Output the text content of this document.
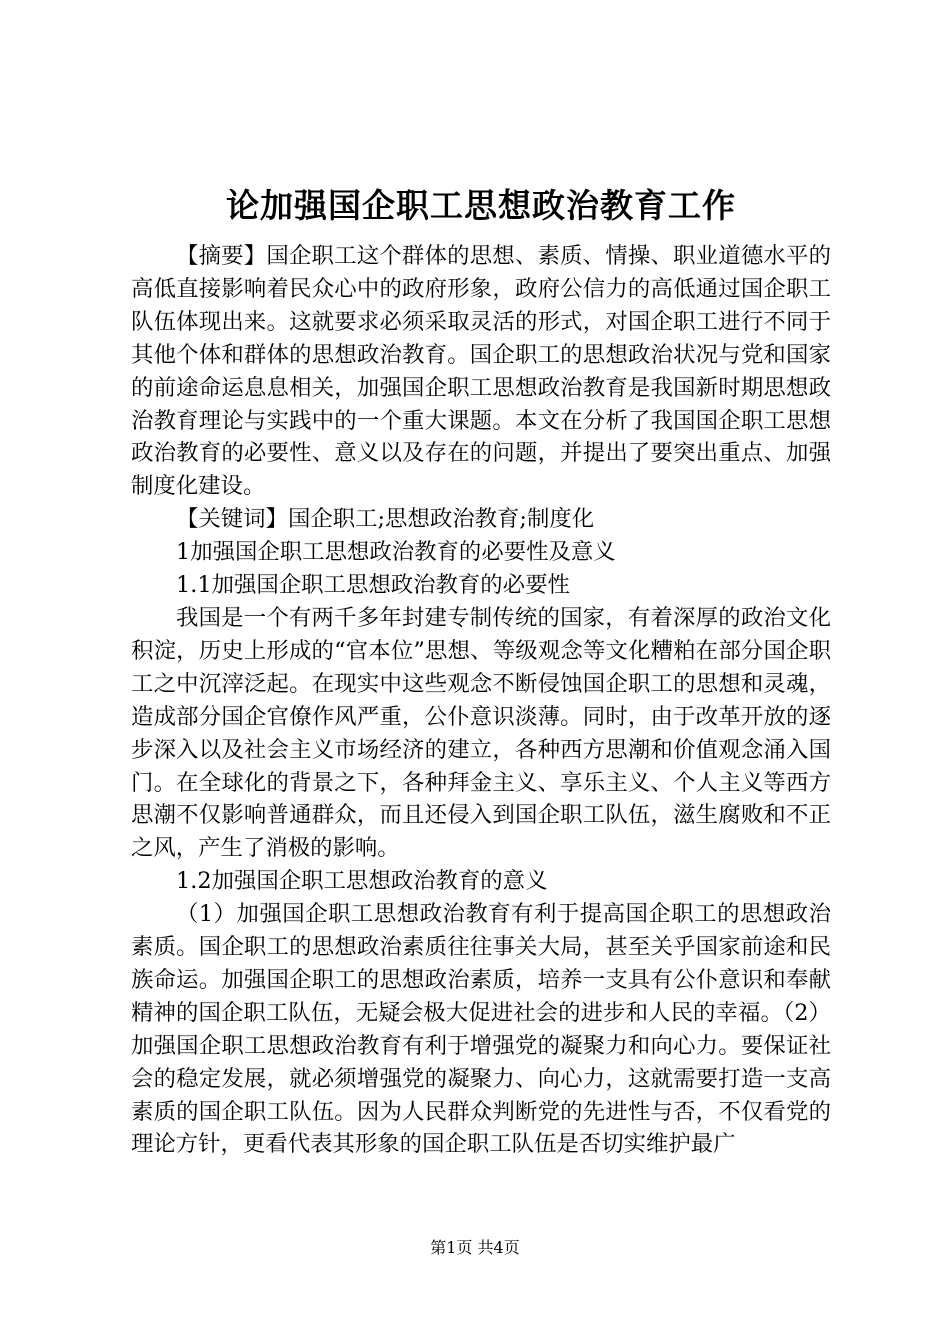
论加强国企职工思想政治教育工作

【摘要】国企职工这个群体的思想、素质、情操、职业道德水平的高低直接影响着民众心中的政府形象，政府公信力的高低通过国企职工队伍体现出来。这就要求必须采取灵活的形式，对国企职工进行不同于其他个体和群体的思想政治教育。国企职工的思想政治状况与党和国家的前途命运息息相关，加强国企职工思想政治教育是我国新时期思想政治教育理论与实践中的一个重大课题。本文在分析了我国国企职工思想政治教育的必要性、意义以及存在的问题，并提出了要突出重点、加强制度化建设。

【关键词】国企职工;思想政治教育;制度化

1加强国企职工思想政治教育的必要性及意义

1.1加强国企职工思想政治教育的必要性

我国是一个有两千多年封建专制传统的国家，有着深厚的政治文化积淀，历史上形成的“官本位”思想、等级观念等文化糟粕在部分国企职工之中沉滓泛起。在现实中这些观念不断侵蚀国企职工的思想和灵魂，造成部分国企官僚作风严重，公仆意识淡薄。同时，由于改革开放的逐步深入以及社会主义市场经济的建立，各种西方思潮和价值观念涌入国门。在全球化的背景之下，各种拜金主义、享乐主义、个人主义等西方思潮不仅影响普通群众，而且还侵入到国企职工队伍，滋生腐败和不正之风，产生了消极的影响。

1.2加强国企职工思想政治教育的意义

（1）加强国企职工思想政治教育有利于提高国企职工的思想政治素质。国企职工的思想政治素质往往事关大局，甚至关乎国家前途和民族命运。加强国企职工的思想政治素质，培养一支具有公仆意识和奉献精神的国企职工队伍，无疑会极大促进社会的进步和人民的幸福。（2）加强国企职工思想政治教育有利于增强党的凝聚力和向心力。要保证社会的稳定发展，就必须增强党的凝聚力、向心力，这就需要打造一支高素质的国企职工队伍。因为人民群众判断党的先进性与否，不仅看党的理论方针，更看代表其形象的国企职工队伍是否切实维护最广

第1页 共4页
